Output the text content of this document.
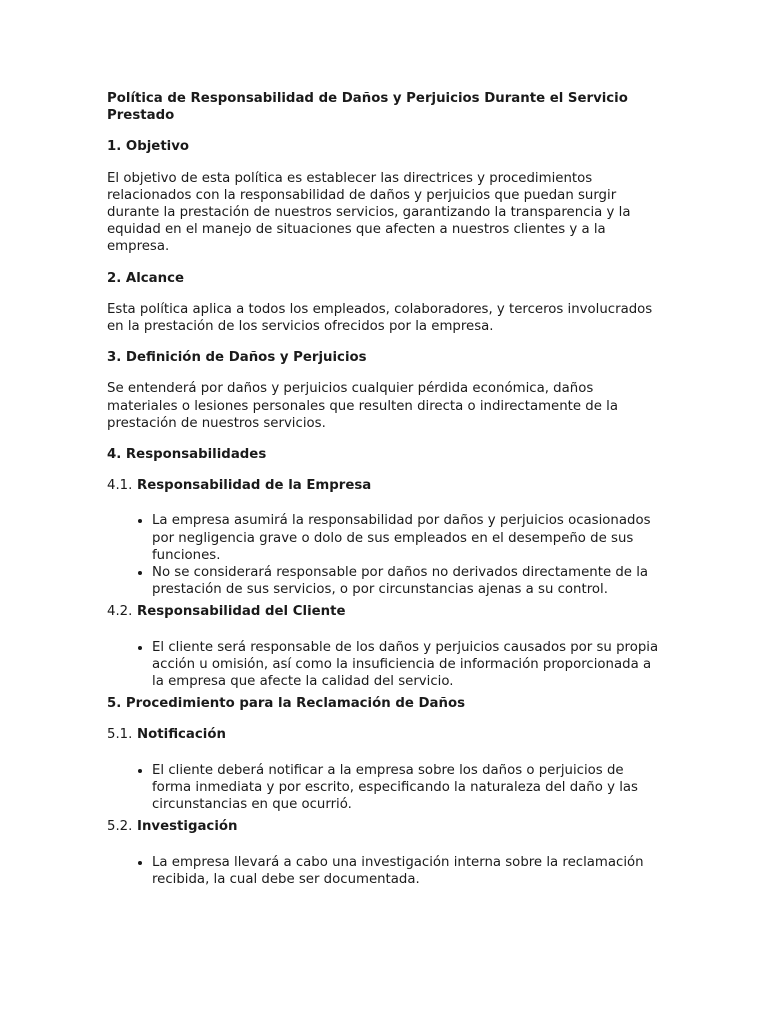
Política de Responsabilidad de Daños y Perjuicios Durante el Servicio Prestado
1. Objetivo

El objetivo de esta política es establecer las directrices y procedimientos relacionados con la responsabilidad de daños y perjuicios que puedan surgir durante la prestación de nuestros servicios, garantizando la transparencia y la equidad en el manejo de situaciones que afecten a nuestros clientes y a la empresa.

2. Alcance

Esta política aplica a todos los empleados, colaboradores, y terceros involucrados en la prestación de los servicios ofrecidos por la empresa.

3. Definición de Daños y Perjuicios

Se entenderá por daños y perjuicios cualquier pérdida económica, daños materiales o lesiones personales que resulten directa o indirectamente de la prestación de nuestros servicios.

4. Responsabilidades
4.1. Responsabilidad de la Empresa
• La empresa asumirá la responsabilidad por daños y perjuicios ocasionados por negligencia grave o dolo de sus empleados en el desempeño de sus funciones.
• No se considerará responsable por daños no derivados directamente de la prestación de sus servicios, o por circunstancias ajenas a su control.
4.2. Responsabilidad del Cliente
• El cliente será responsable de los daños y perjuicios causados por su propia acción u omisión, así como la insuficiencia de información proporcionada a la empresa que afecte la calidad del servicio.
5. Procedimiento para la Reclamación de Daños
5.1. Notificación
• El cliente deberá notificar a la empresa sobre los daños o perjuicios de forma inmediata y por escrito, especificando la naturaleza del daño y las circunstancias en que ocurrió.
5.2. Investigación
• La empresa llevará a cabo una investigación interna sobre la reclamación recibida, la cual debe ser documentada.
